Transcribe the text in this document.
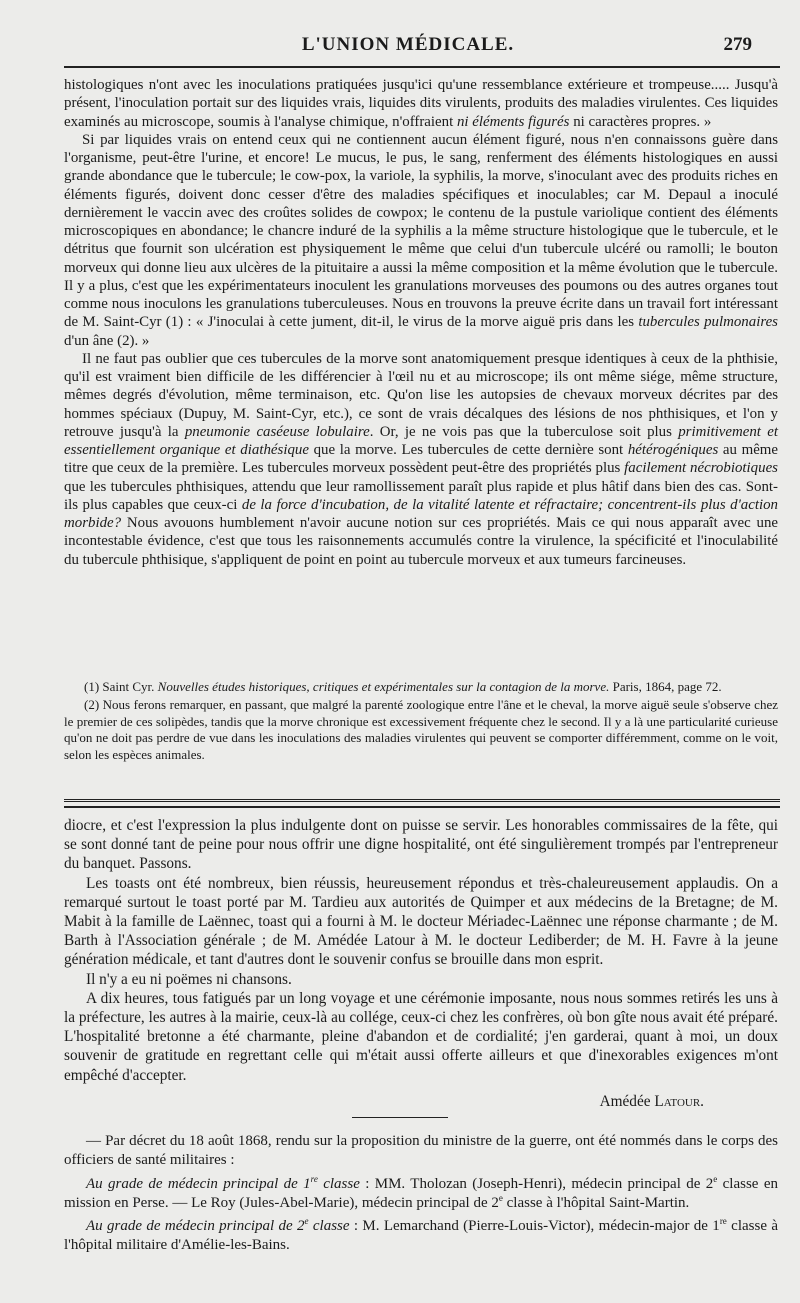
L'UNION MÉDICALE.	279

histologiques n'ont avec les inoculations pratiquées jusqu'ici qu'une ressemblance extérieure et trompeuse..... Jusqu'à présent, l'inoculation portait sur des liquides vrais, liquides dits virulents, produits des maladies virulentes. Ces liquides examinés au microscope, soumis à l'analyse chimique, n'offraient ni éléments figurés ni caractères propres. »

Si par liquides vrais on entend ceux qui ne contiennent aucun élément figuré, nous n'en connaissons guère dans l'organisme, peut-être l'urine, et encore! Le mucus, le pus, le sang, renferment des éléments histologiques en aussi grande abondance que le tubercule; le cow-pox, la variole, la syphilis, la morve, s'inoculant avec des produits riches en éléments figurés, doivent donc cesser d'être des maladies spécifiques et inoculables; car M. Depaul a inoculé dernièrement le vaccin avec des croûtes solides de cowpox; le contenu de la pustule variolique contient des éléments microscopiques en abondance; le chancre induré de la syphilis a la même structure histologique que le tubercule, et le détritus que fournit son ulcération est physiquement le même que celui d'un tubercule ulcéré ou ramolli; le bouton morveux qui donne lieu aux ulcères de la pituitaire a aussi la même composition et la même évolution que le tubercule. Il y a plus, c'est que les expérimentateurs inoculent les granulations morveuses des poumons ou des autres organes tout comme nous inoculons les granulations tuberculeuses. Nous en trouvons la preuve écrite dans un travail fort intéressant de M. Saint-Cyr (1) : « J'inoculai à cette jument, dit-il, le virus de la morve aiguë pris dans les tubercules pulmonaires d'un âne (2). »

Il ne faut pas oublier que ces tubercules de la morve sont anatomiquement presque identiques à ceux de la phthisie, qu'il est vraiment bien difficile de les différencier à l'œil nu et au microscope; ils ont même siége, même structure, mêmes degrés d'évolution, même terminaison, etc. Qu'on lise les autopsies de chevaux morveux décrites par des hommes spéciaux (Dupuy, M. Saint-Cyr, etc.), ce sont de vrais décalques des lésions de nos phthisiques, et l'on y retrouve jusqu'à la pneumonie caséeuse lobulaire. Or, je ne vois pas que la tuberculose soit plus primitivement et essentiellement organique et diathésique que la morve. Les tubercules de cette dernière sont hétérogéniques au même titre que ceux de la première. Les tubercules morveux possèdent peut-être des propriétés plus facilement nécrobiotiques que les tubercules phthisiques, attendu que leur ramollissement paraît plus rapide et plus hâtif dans bien des cas. Sont-ils plus capables que ceux-ci de la force d'incubation, de la vitalité latente et réfractaire; concentrent-ils plus d'action morbide? Nous avouons humblement n'avoir aucune notion sur ces propriétés. Mais ce qui nous apparaît avec une incontestable évidence, c'est que tous les raisonnements accumulés contre la virulence, la spécificité et l'inoculabilité du tubercule phthisique, s'appliquent de point en point au tubercule morveux et aux tumeurs farcineuses.

(1) Saint Cyr. Nouvelles études historiques, critiques et expérimentales sur la contagion de la morve. Paris, 1864, page 72.

(2) Nous ferons remarquer, en passant, que malgré la parenté zoologique entre l'âne et le cheval, la morve aiguë seule s'observe chez le premier de ces solipèdes, tandis que la morve chronique est excessivement fréquente chez le second. Il y a là une particularité curieuse qu'on ne doit pas perdre de vue dans les inoculations des maladies virulentes qui peuvent se comporter différemment, comme on le voit, selon les espèces animales.

diocre, et c'est l'expression la plus indulgente dont on puisse se servir. Les honorables commissaires de la fête, qui se sont donné tant de peine pour nous offrir une digne hospitalité, ont été singulièrement trompés par l'entrepreneur du banquet. Passons.

Les toasts ont été nombreux, bien réussis, heureusement répondus et très-chaleureusement applaudis. On a remarqué surtout le toast porté par M. Tardieu aux autorités de Quimper et aux médecins de la Bretagne; de M. Mabit à la famille de Laënnec, toast qui a fourni à M. le docteur Mériadec-Laënnec une réponse charmante ; de M. Barth à l'Association générale ; de M. Amédée Latour à M. le docteur Lediberder; de M. H. Favre à la jeune génération médicale, et tant d'autres dont le souvenir confus se brouille dans mon esprit.

Il n'y a eu ni poëmes ni chansons.

A dix heures, tous fatigués par un long voyage et une cérémonie imposante, nous nous sommes retirés les uns à la préfecture, les autres à la mairie, ceux-là au collége, ceux-ci chez les confrères, où bon gîte nous avait été préparé. L'hospitalité bretonne a été charmante, pleine d'abandon et de cordialité; j'en garderai, quant à moi, un doux souvenir de gratitude en regrettant celle qui m'était aussi offerte ailleurs et que d'inexorables exigences m'ont empêché d'accepter.

Amédée Latour.

— Par décret du 18 août 1868, rendu sur la proposition du ministre de la guerre, ont été nommés dans le corps des officiers de santé militaires :

Au grade de médecin principal de 1re classe : MM. Tholozan (Joseph-Henri), médecin principal de 2e classe en mission en Perse. — Le Roy (Jules-Abel-Marie), médecin principal de 2e classe à l'hôpital Saint-Martin.

Au grade de médecin principal de 2e classe : M. Lemarchand (Pierre-Louis-Victor), médecin-major de 1re classe à l'hôpital militaire d'Amélie-les-Bains.
